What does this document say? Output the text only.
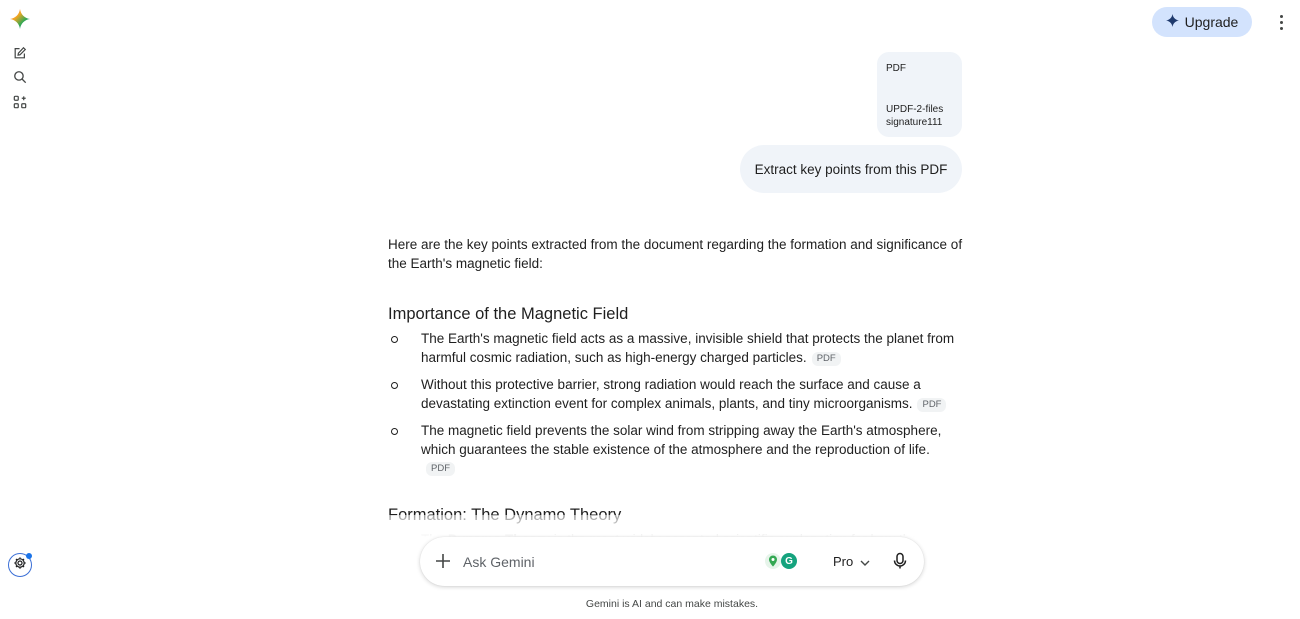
Upgrade
PDF
UPDF-2-files signature111
Extract key points from this PDF

Here are the key points extracted from the document regarding the formation and significance of the Earth's magnetic field:

Importance of the Magnetic Field
The Earth's magnetic field acts as a massive, invisible shield that protects the planet from harmful cosmic radiation, such as high-energy charged particles. PDF
Without this protective barrier, strong radiation would reach the surface and cause a devastating extinction event for complex animals, plants, and tiny microorganisms. PDF
The magnetic field prevents the solar wind from stripping away the Earth's atmosphere, which guarantees the stable existence of the atmosphere and the reproduction of life.PDF
Ask Gemini
G	Pro
Gemini is AI and can make mistakes.
